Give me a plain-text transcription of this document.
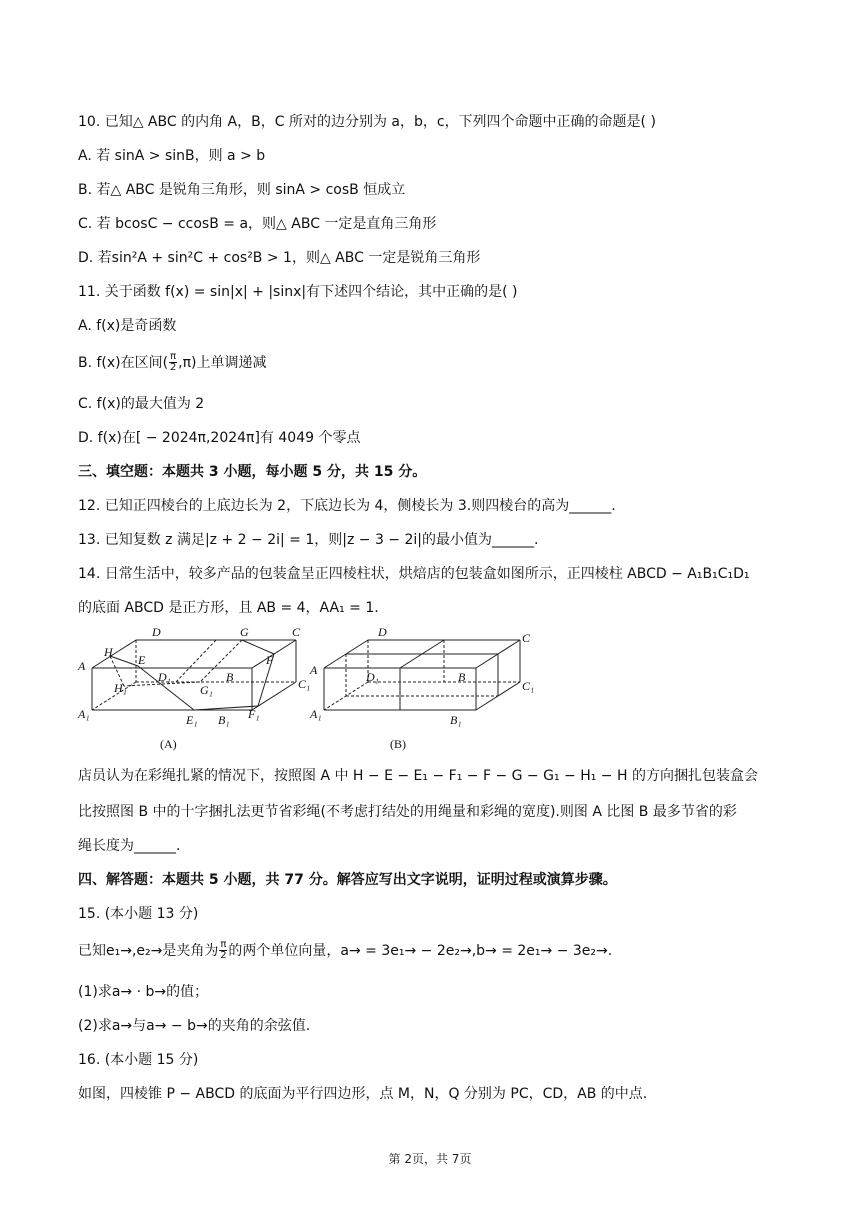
10. 已知△ ABC 的内角 A，B，C 所对的边分别为 a，b，c，下列四个命题中正确的命题是( )
A. 若 sinA > sinB，则 a > b
B. 若△ ABC 是锐角三角形，则 sinA > cosB 恒成立
C. 若 bcosC − ccosB = a，则△ ABC 一定是直角三角形
D. 若sin²A + sin²C + cos²B > 1，则△ ABC 一定是锐角三角形
11. 关于函数 f(x) = sin|x| + |sinx|有下述四个结论，其中正确的是( )
A. f(x)是奇函数
B. f(x)在区间( $\frac{\pi}{2} ,\pi$)上单调递减
C. f(x)的最大值为 2
D. f(x)在[ − 2024π,2024π]有 4049 个零点
三、填空题：本题共 3 小题，每小题 5 分，共 15 分。
12. 已知正四棱台的上底边长为 2，下底边长为 4，侧棱长为 3.则四棱台的高为______.
13. 已知复数 z 满足|z + 2 − 2i| = 1，则|z − 3 − 2i|的最小值为______.
14. 日常生活中，较多产品的包装盒呈正四棱柱状，烘焙店的包装盒如图所示，正四棱柱 ABCD − A₁B₁C₁D₁
的底面 ABCD 是正方形，且 AB = 4，AA₁ = 1.
D	G	C
A
H
E
D₁
F
H₁	G₁
B	C₁
A₁	E₁ B₁ F₁
(A)
D	C
A	D₁	B
C₁
A₁	B₁
(B)
店员认为在彩绳扎紧的情况下，按照图 A 中 H − E − E₁ − F₁ − F − G − G₁ − H₁ − H 的方向捆扎包装盒会
比按照图 B 中的十字捆扎法更节省彩绳(不考虑打结处的用绳量和彩绳的宽度).则图 A 比图 B 最多节省的彩
绳长度为______.
四、解答题：本题共 5 小题，共 77 分。解答应写出文字说明，证明过程或演算步骤。
15. (本小题 13 分)
已知e₁→,e₂→是夹角为 $\frac{\pi}{2}$ 的两个单位向量，a→ = 3e₁→ − 2e₂→,b→ = 2e₁→ − 3e₂→.
(1)求a→ · b→的值；
(2)求a→与a→ − b→的夹角的余弦值.
16. (本小题 15 分)
如图，四棱锥 P − ABCD 的底面为平行四边形，点 M，N，Q 分别为 PC，CD，AB 的中点.
第 2页，共 7页
